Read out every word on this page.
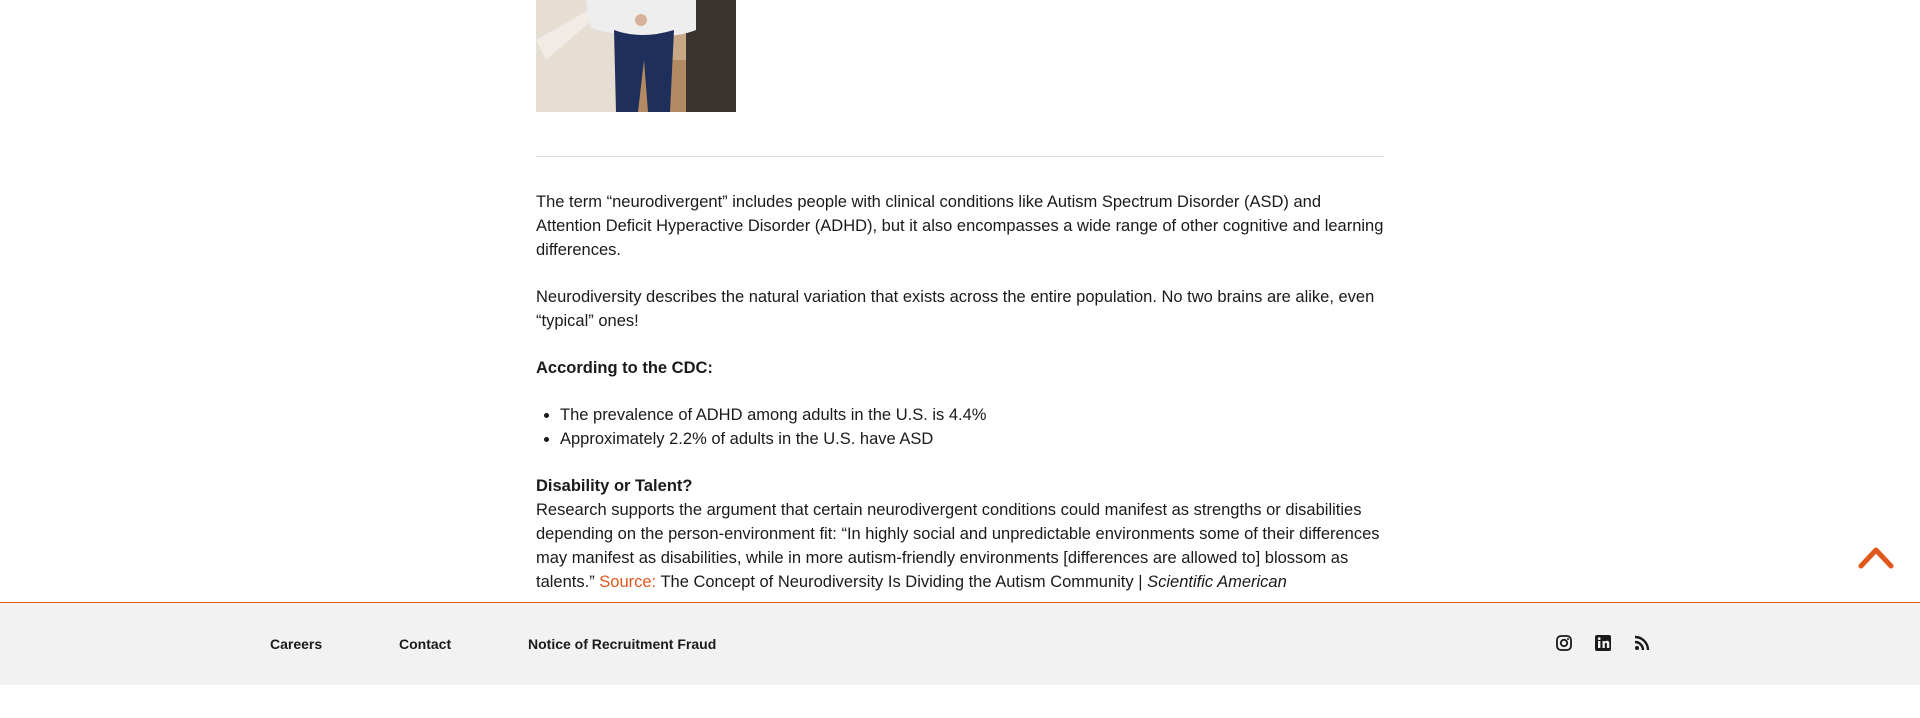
The term “neurodivergent” includes people with clinical conditions like Autism Spectrum Disorder (ASD) and Attention Deficit Hyperactive Disorder (ADHD), but it also encompasses a wide range of other cognitive and learning differences.

Neurodiversity describes the natural variation that exists across the entire population. No two brains are alike, even “typical” ones!

According to the CDC:

• The prevalence of ADHD among adults in the U.S. is 4.4%
• Approximately 2.2% of adults in the U.S. have ASD

Disability or Talent?
Research supports the argument that certain neurodivergent conditions could manifest as strengths or disabilities depending on the person-environment fit: “In highly social and unpredictable environments some of their differences may manifest as disabilities, while in more autism-friendly environments [differences are allowed to] blossom as talents.” Source: The Concept of Neurodiversity Is Dividing the Autism Community | Scientific American

Careers	Contact	Notice of Recruitment Fraud
